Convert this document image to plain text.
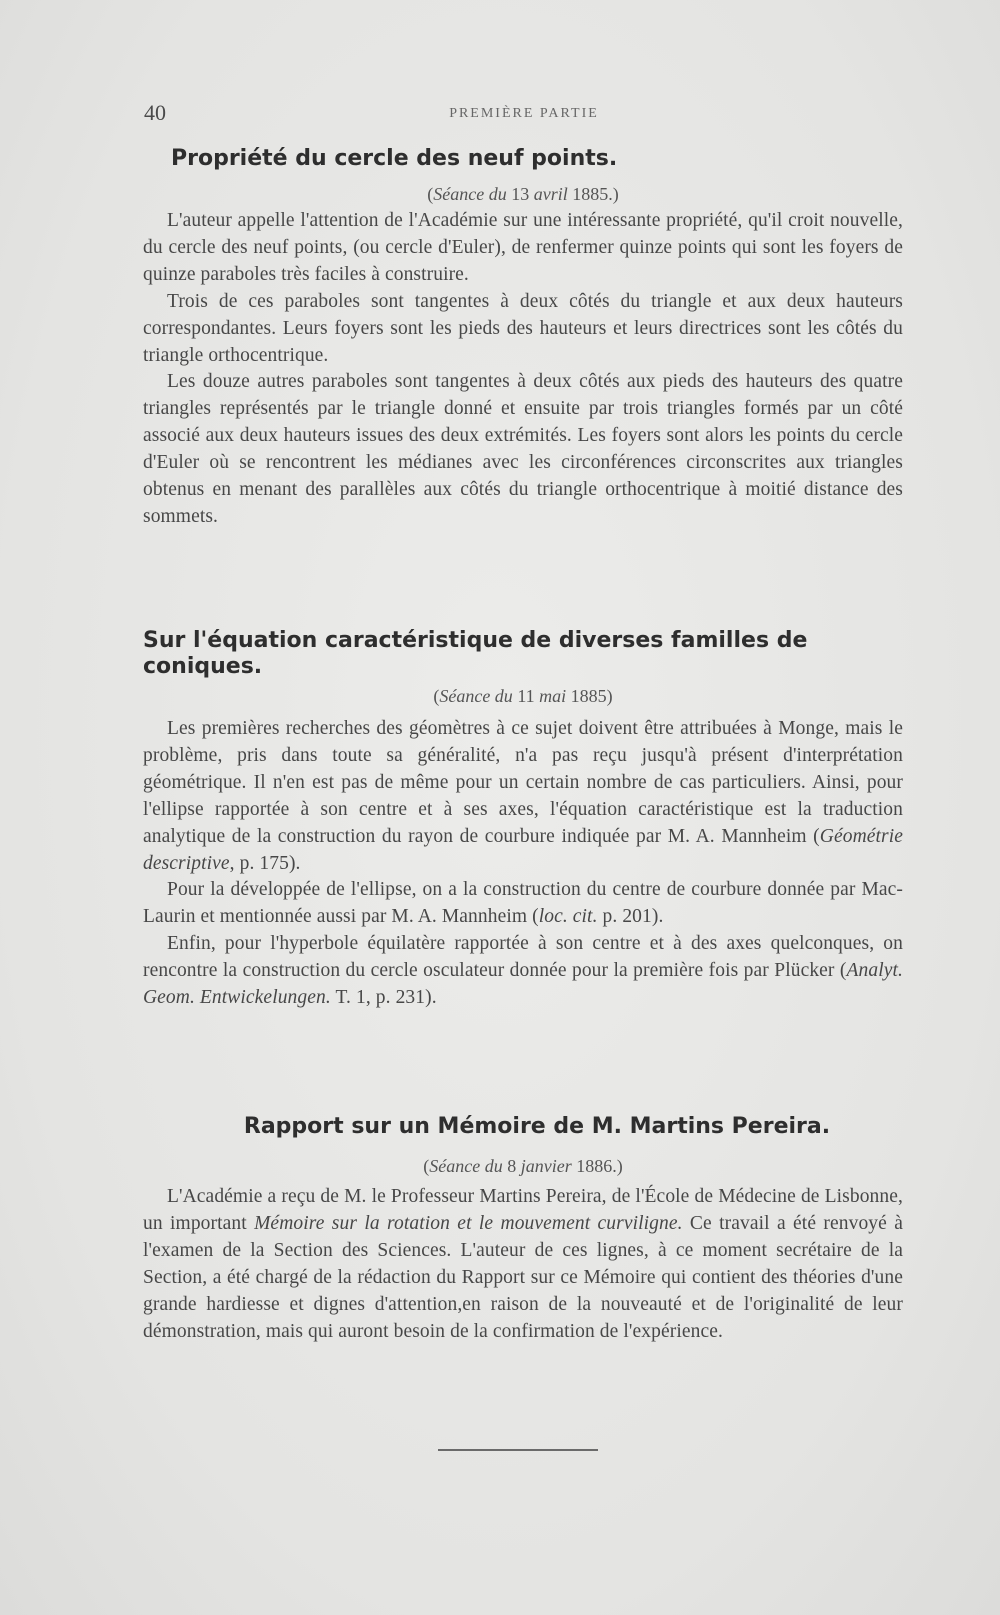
40	PREMIÈRE PARTIE
Propriété du cercle des neuf points.
(Séance du 13 avril 1885.)

L'auteur appelle l'attention de l'Académie sur une intéressante propriété, qu'il croit nouvelle, du cercle des neuf points, (ou cercle d'Euler), de renfermer quinze points qui sont les foyers de quinze paraboles très faciles à construire.

Trois de ces paraboles sont tangentes à deux côtés du triangle et aux deux hauteurs correspondantes. Leurs foyers sont les pieds des hauteurs et leurs directrices sont les côtés du triangle orthocentrique.

Les douze autres paraboles sont tangentes à deux côtés aux pieds des hauteurs des quatre triangles représentés par le triangle donné et ensuite par trois triangles formés par un côté associé aux deux hauteurs issues des deux extrémités. Les foyers sont alors les points du cercle d'Euler où se rencontrent les médianes avec les circonférences circonscrites aux triangles obtenus en menant des parallèles aux côtés du triangle orthocentrique à moitié distance des sommets.

Sur l'équation caractéristique de diverses familles de coniques.
(Séance du 11 mai 1885)

Les premières recherches des géomètres à ce sujet doivent être attribuées à Monge, mais le problème, pris dans toute sa généralité, n'a pas reçu jusqu'à présent d'interprétation géométrique. Il n'en est pas de même pour un certain nombre de cas particuliers. Ainsi, pour l'ellipse rapportée à son centre et à ses axes, l'équation caractéristique est la traduction analytique de la construction du rayon de courbure indiquée par M. A. Mannheim (Géométrie descriptive, p. 175).

Pour la développée de l'ellipse, on a la construction du centre de courbure donnée par Mac-Laurin et mentionnée aussi par M. A. Mannheim (loc. cit. p. 201).

Enfin, pour l'hyperbole équilatère rapportée à son centre et à des axes quelconques, on rencontre la construction du cercle osculateur donnée pour la première fois par Plücker (Analyt. Geom. Entwickelungen. T. 1, p. 231).

Rapport sur un Mémoire de M. Martins Pereira.
(Séance du 8 janvier 1886.)

L'Académie a reçu de M. le Professeur Martins Pereira, de l'École de Médecine de Lisbonne, un important Mémoire sur la rotation et le mouvement curviligne. Ce travail a été renvoyé à l'examen de la Section des Sciences. L'auteur de ces lignes, à ce moment secrétaire de la Section, a été chargé de la rédaction du Rapport sur ce Mémoire qui contient des théories d'une grande hardiesse et dignes d'attention,en raison de la nouveauté et de l'originalité de leur démonstration, mais qui auront besoin de la confirmation de l'expérience.
